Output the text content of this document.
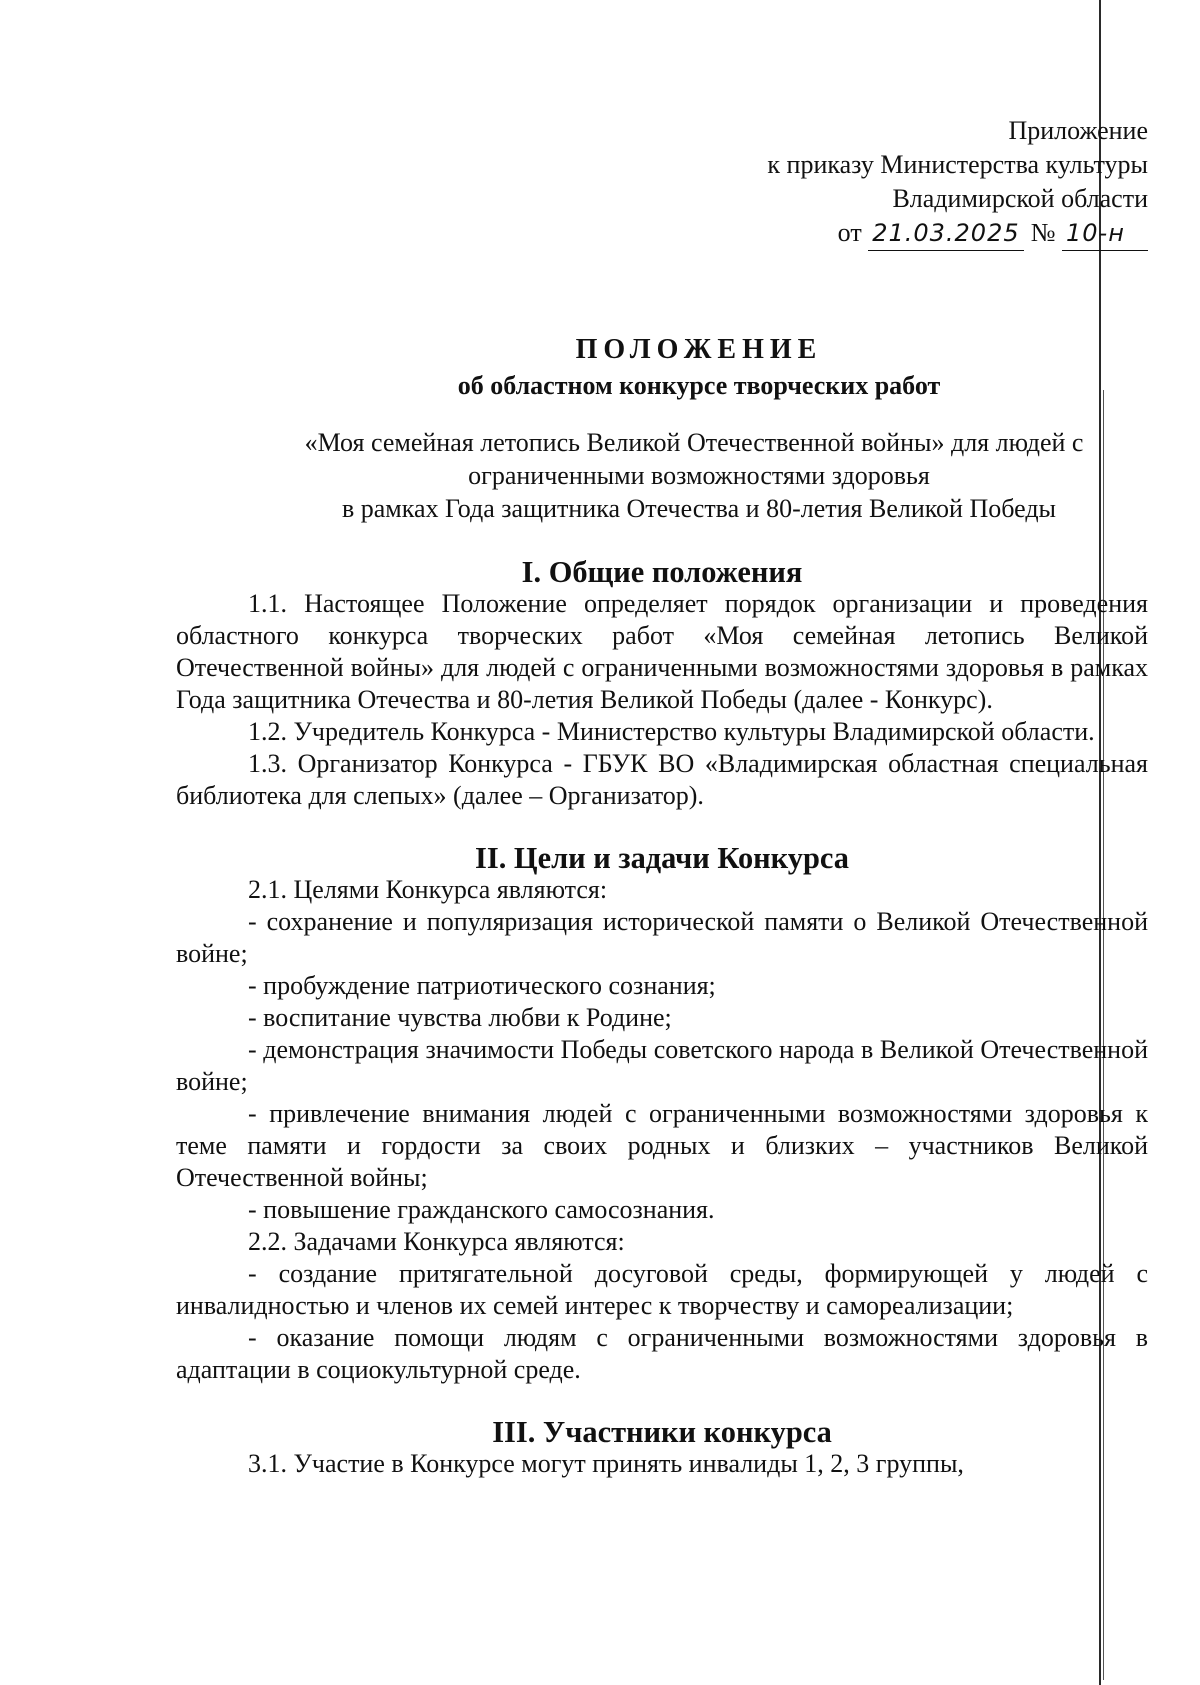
Приложение
к приказу Министерства культуры
Владимирской области
от 21.03.2025 № 10-н
ПОЛОЖЕНИЕ
об областном конкурсе творческих работ
«Моя семейная летопись Великой Отечественной войны» для людей с
ограниченными возможностями здоровья
в рамках Года защитника Отечества и 80-летия Великой Победы
I. Общие положения

1.1. Настоящее Положение определяет порядок организации и проведения областного конкурса творческих работ «Моя семейная летопись Великой Отечественной войны» для людей с ограниченными возможностями здоровья в рамках Года защитника Отечества и 80-летия Великой Победы (далее - Конкурс).

1.2. Учредитель Конкурса - Министерство культуры Владимирской области.

1.3. Организатор Конкурса - ГБУК ВО «Владимирская областная специальная библиотека для слепых» (далее – Организатор).

II. Цели и задачи Конкурса

2.1. Целями Конкурса являются:

- сохранение и популяризация исторической памяти о Великой Отечественной войне;

- пробуждение патриотического сознания;

- воспитание чувства любви к Родине;

- демонстрация значимости Победы советского народа в Великой Отечественной войне;

- привлечение внимания людей с ограниченными возможностями здоровья к теме памяти и гордости за своих родных и близких – участников Великой Отечественной войны;

- повышение гражданского самосознания.

2.2. Задачами Конкурса являются:

- создание притягательной досуговой среды, формирующей у людей с инвалидностью и членов их семей интерес к творчеству и самореализации;

- оказание помощи людям с ограниченными возможностями здоровья в адаптации в социокультурной среде.

III. Участники конкурса

3.1. Участие в Конкурсе могут принять инвалиды 1, 2, 3 группы,
